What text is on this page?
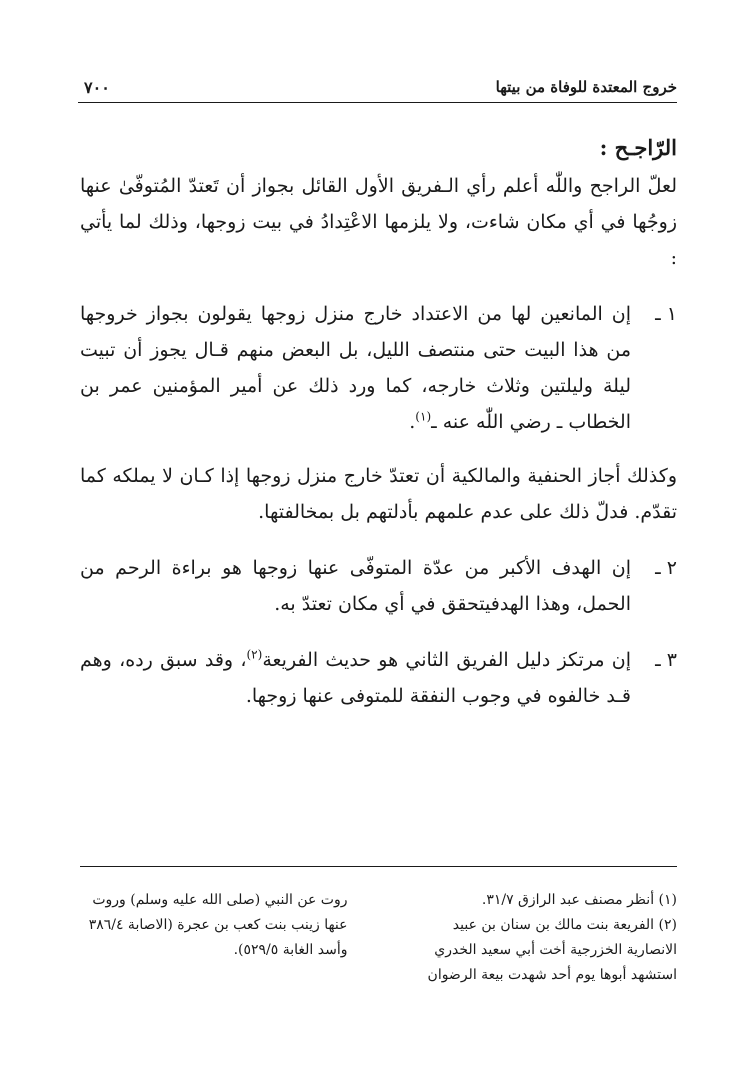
خروج المعتدة للوفاة من بيتها
٧٠٠

الرّاجـح :

لعلّ الراجح واللّٰه أعلم رأي الـفريق الأول القائل بجواز أن تَعتدّ المُتوفّىٰ عنها زوجُها في أي مكان شاءت، ولا يلزمها الاعْتِدادُ في بيت زوجها، وذلك لما يأتي :

١ ـ

إن المانعين لها من الاعتداد خارج منزل زوجها يقولون بجواز خروجها من هذا البيت حتى منتصف الليل، بل البعض منهم قـال يجوز أن تبيت ليلة وليلتين وثلاث خارجه، كما ورد ذلك عن أمير المؤمنين عمر بن الخطاب ـ رضي اللّٰه عنه ـ$^{(١)}$.

وكذلك أجاز الحنفية والمالكية أن تعتدّ خارج منزل زوجها إذا كـان لا يملكه كما تقدّم. فدلّ ذلك على عدم علمهم بأدلتهم بل بمخالفتها.

٢ ـ

إن الهدف الأكبر من عدّة المتوفّى عنها زوجها هو براءة الرحم من الحمل، وهذا الهدفيتحقق في أي مكان تعتدّ به.

٣ ـ

إن مرتكز دليل الفريق الثاني هو حديث الفريعة$^{(٢)}$، وقد سبق رده، وهم قـد خالفوه في وجوب النفقة للمتوفى عنها زوجها.

(١) أنظر مصنف عبد الرازق ٣١/٧.

(٢) الفريعة بنت مالك بن سنان بن عبيد الانصارية الخزرجية أخت أبي سعيد الخدري استشهد أبوها يوم أحد شهدت بيعة الرضوان روت عن النبي (صلى الله عليه وسلم) وروت عنها زينب بنت كعب بن عجرة (الاصابة ٣٨٦/٤ وأسد الغابة ٥٢٩/٥).
